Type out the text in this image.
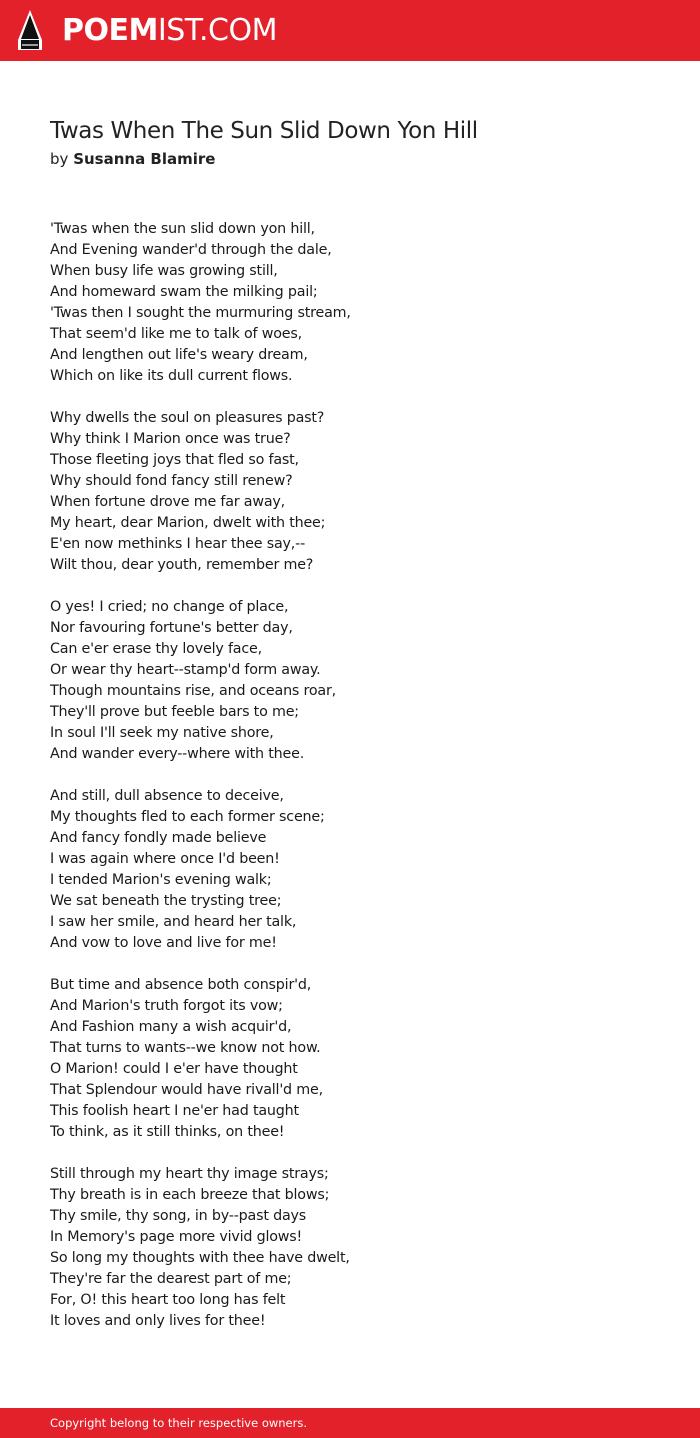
POEMIST.COM
Twas When The Sun Slid Down Yon Hill
by Susanna Blamire
'Twas when the sun slid down yon hill,
And Evening wander'd through the dale,
When busy life was growing still,
And homeward swam the milking pail;
'Twas then I sought the murmuring stream,
That seem'd like me to talk of woes,
And lengthen out life's weary dream,
Which on like its dull current flows.
Why dwells the soul on pleasures past?
Why think I Marion once was true?
Those fleeting joys that fled so fast,
Why should fond fancy still renew?
When fortune drove me far away,
My heart, dear Marion, dwelt with thee;
E'en now methinks I hear thee say,--
Wilt thou, dear youth, remember me?
O yes! I cried; no change of place,
Nor favouring fortune's better day,
Can e'er erase thy lovely face,
Or wear thy heart--stamp'd form away.
Though mountains rise, and oceans roar,
They'll prove but feeble bars to me;
In soul I'll seek my native shore,
And wander every--where with thee.
And still, dull absence to deceive,
My thoughts fled to each former scene;
And fancy fondly made believe
I was again where once I'd been!
I tended Marion's evening walk;
We sat beneath the trysting tree;
I saw her smile, and heard her talk,
And vow to love and live for me!
But time and absence both conspir'd,
And Marion's truth forgot its vow;
And Fashion many a wish acquir'd,
That turns to wants--we know not how.
O Marion! could I e'er have thought
That Splendour would have rivall'd me,
This foolish heart I ne'er had taught
To think, as it still thinks, on thee!
Still through my heart thy image strays;
Thy breath is in each breeze that blows;
Thy smile, thy song, in by--past days
In Memory's page more vivid glows!
So long my thoughts with thee have dwelt,
They're far the dearest part of me;
For, O! this heart too long has felt
It loves and only lives for thee!
Copyright belong to their respective owners.
